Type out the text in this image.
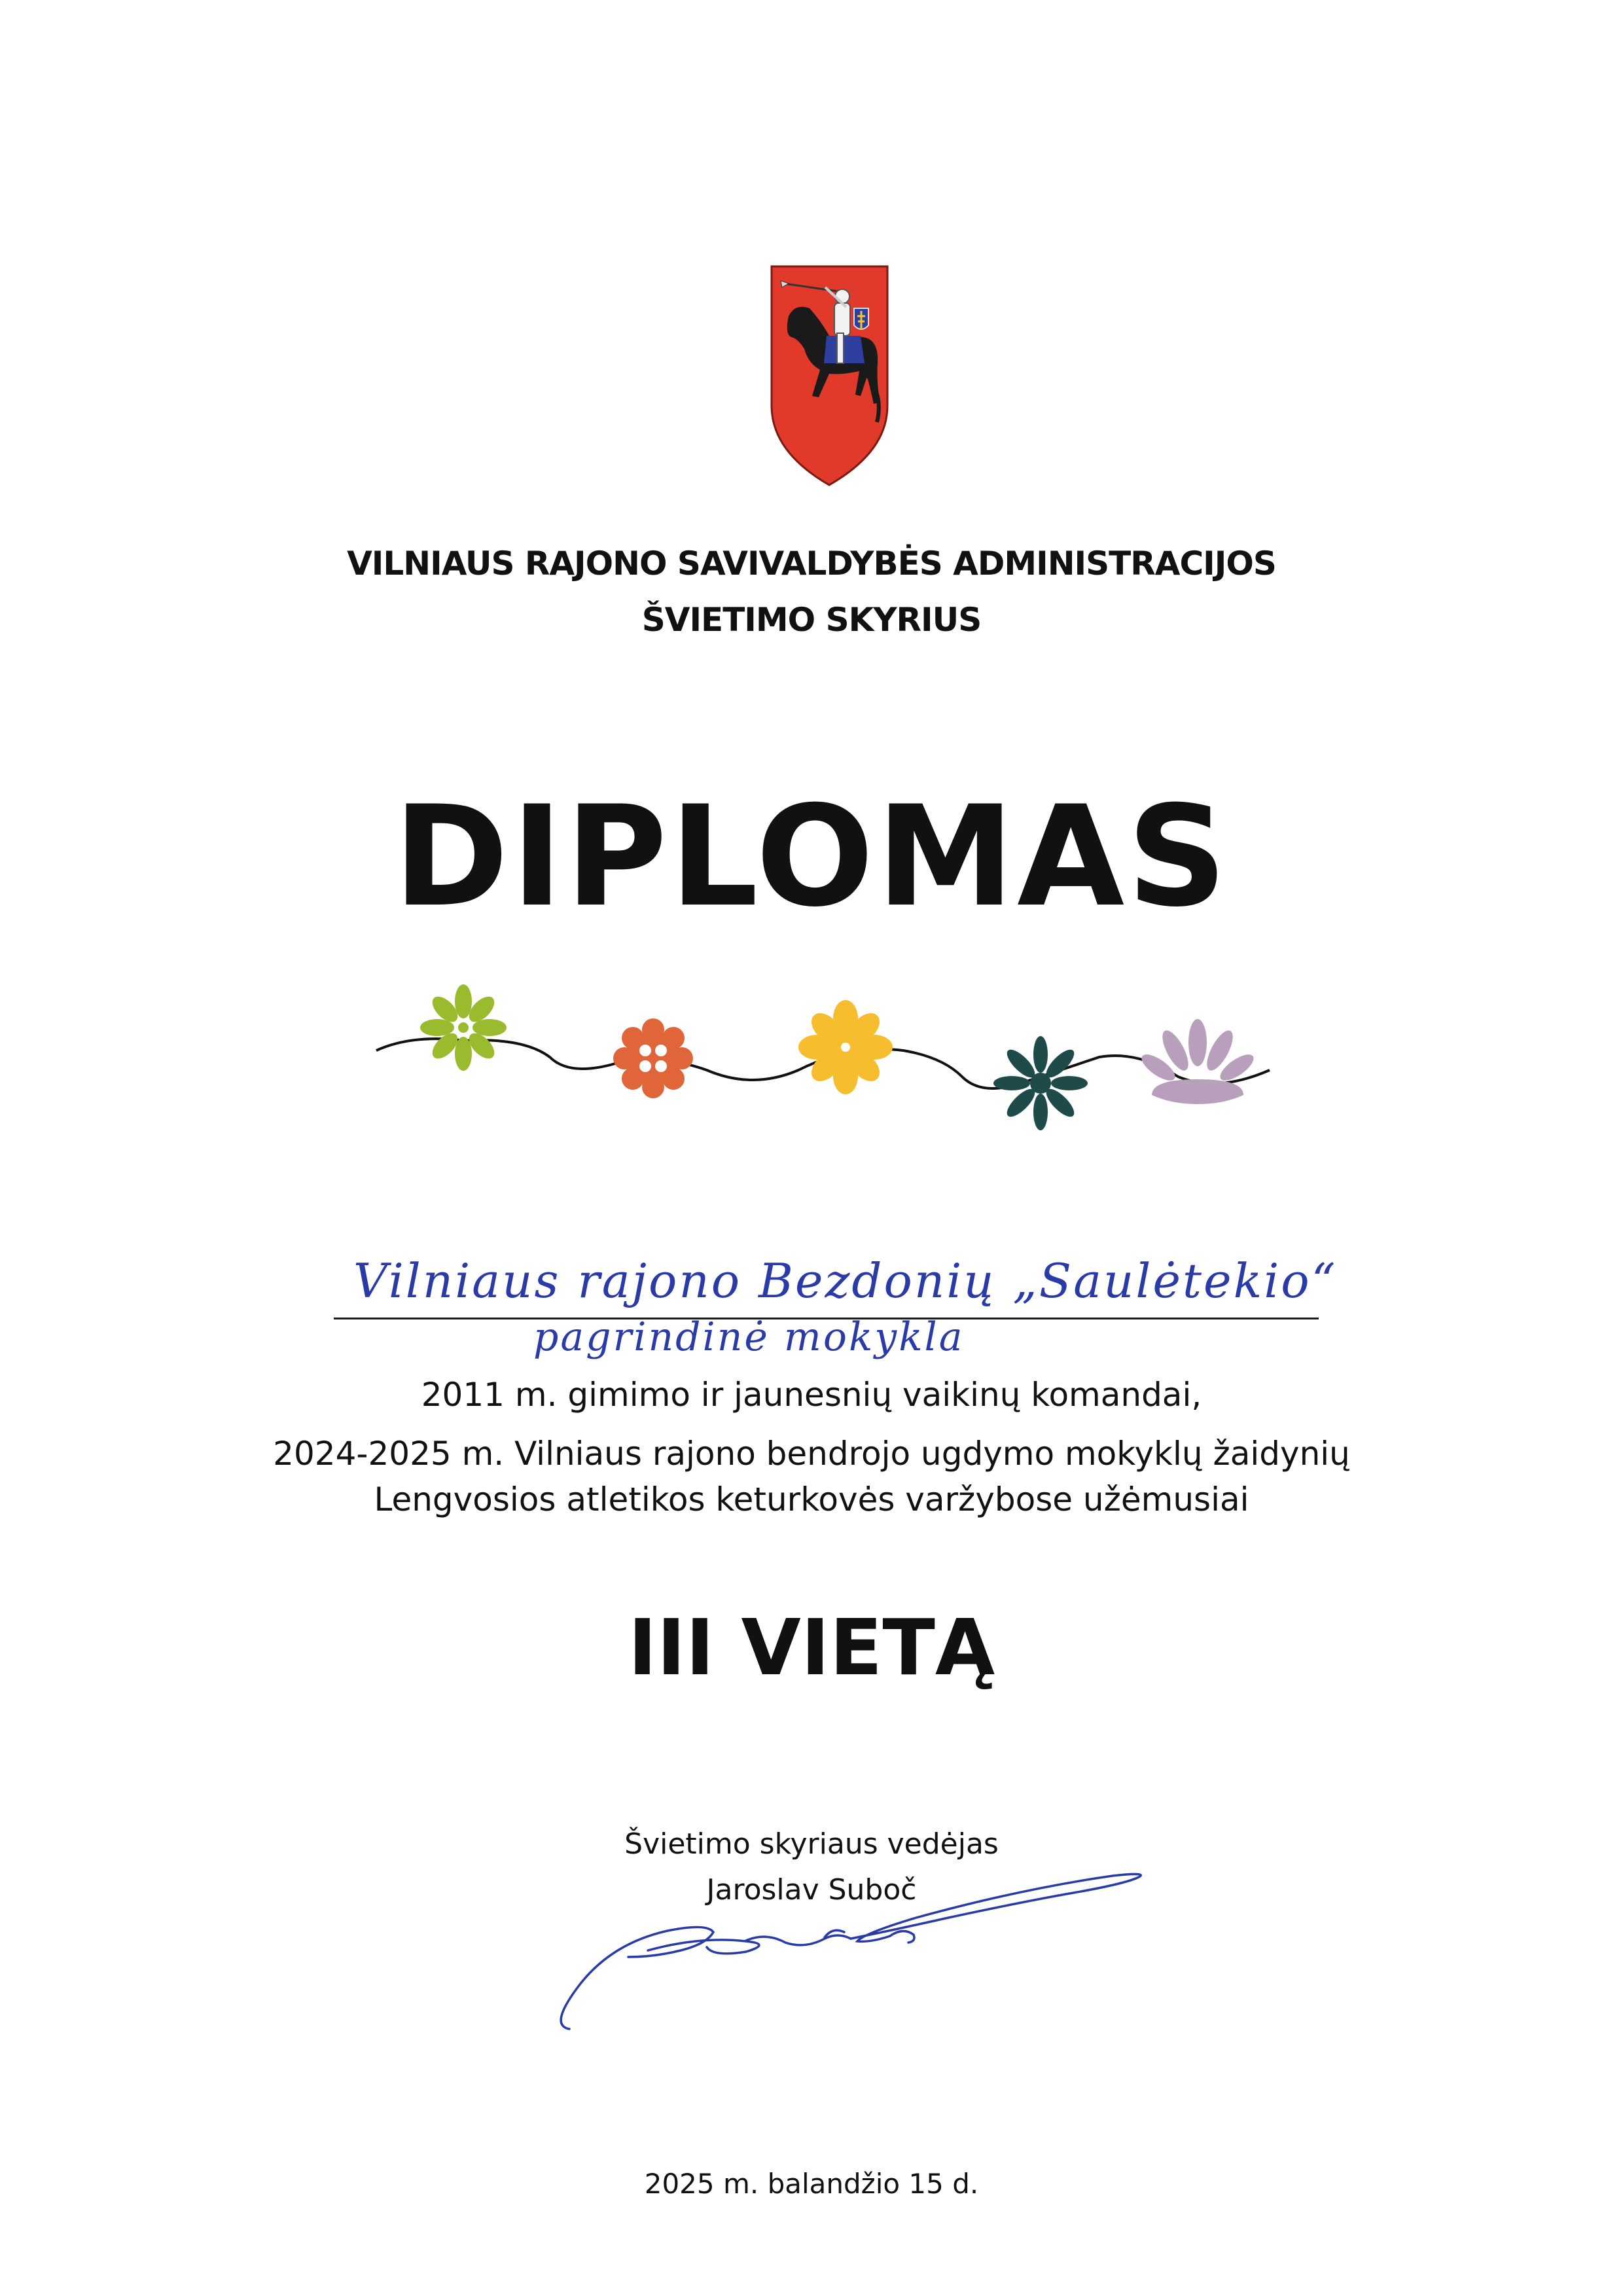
VILNIAUS RAJONO SAVIVALDYBĖS ADMINISTRACIJOS
ŠVIETIMO SKYRIUS
DIPLOMAS
Vilniaus rajono Bezdonių „Saulėtekio“
pagrindinė mokykla
2011 m. gimimo ir jaunesnių vaikinų komandai,
2024-2025 m. Vilniaus rajono bendrojo ugdymo mokyklų žaidynių
Lengvosios atletikos keturkovės varžybose užėmusiai
III VIETĄ
Švietimo skyriaus vedėjas
Jaroslav Suboč
2025 m. balandžio 15 d.
